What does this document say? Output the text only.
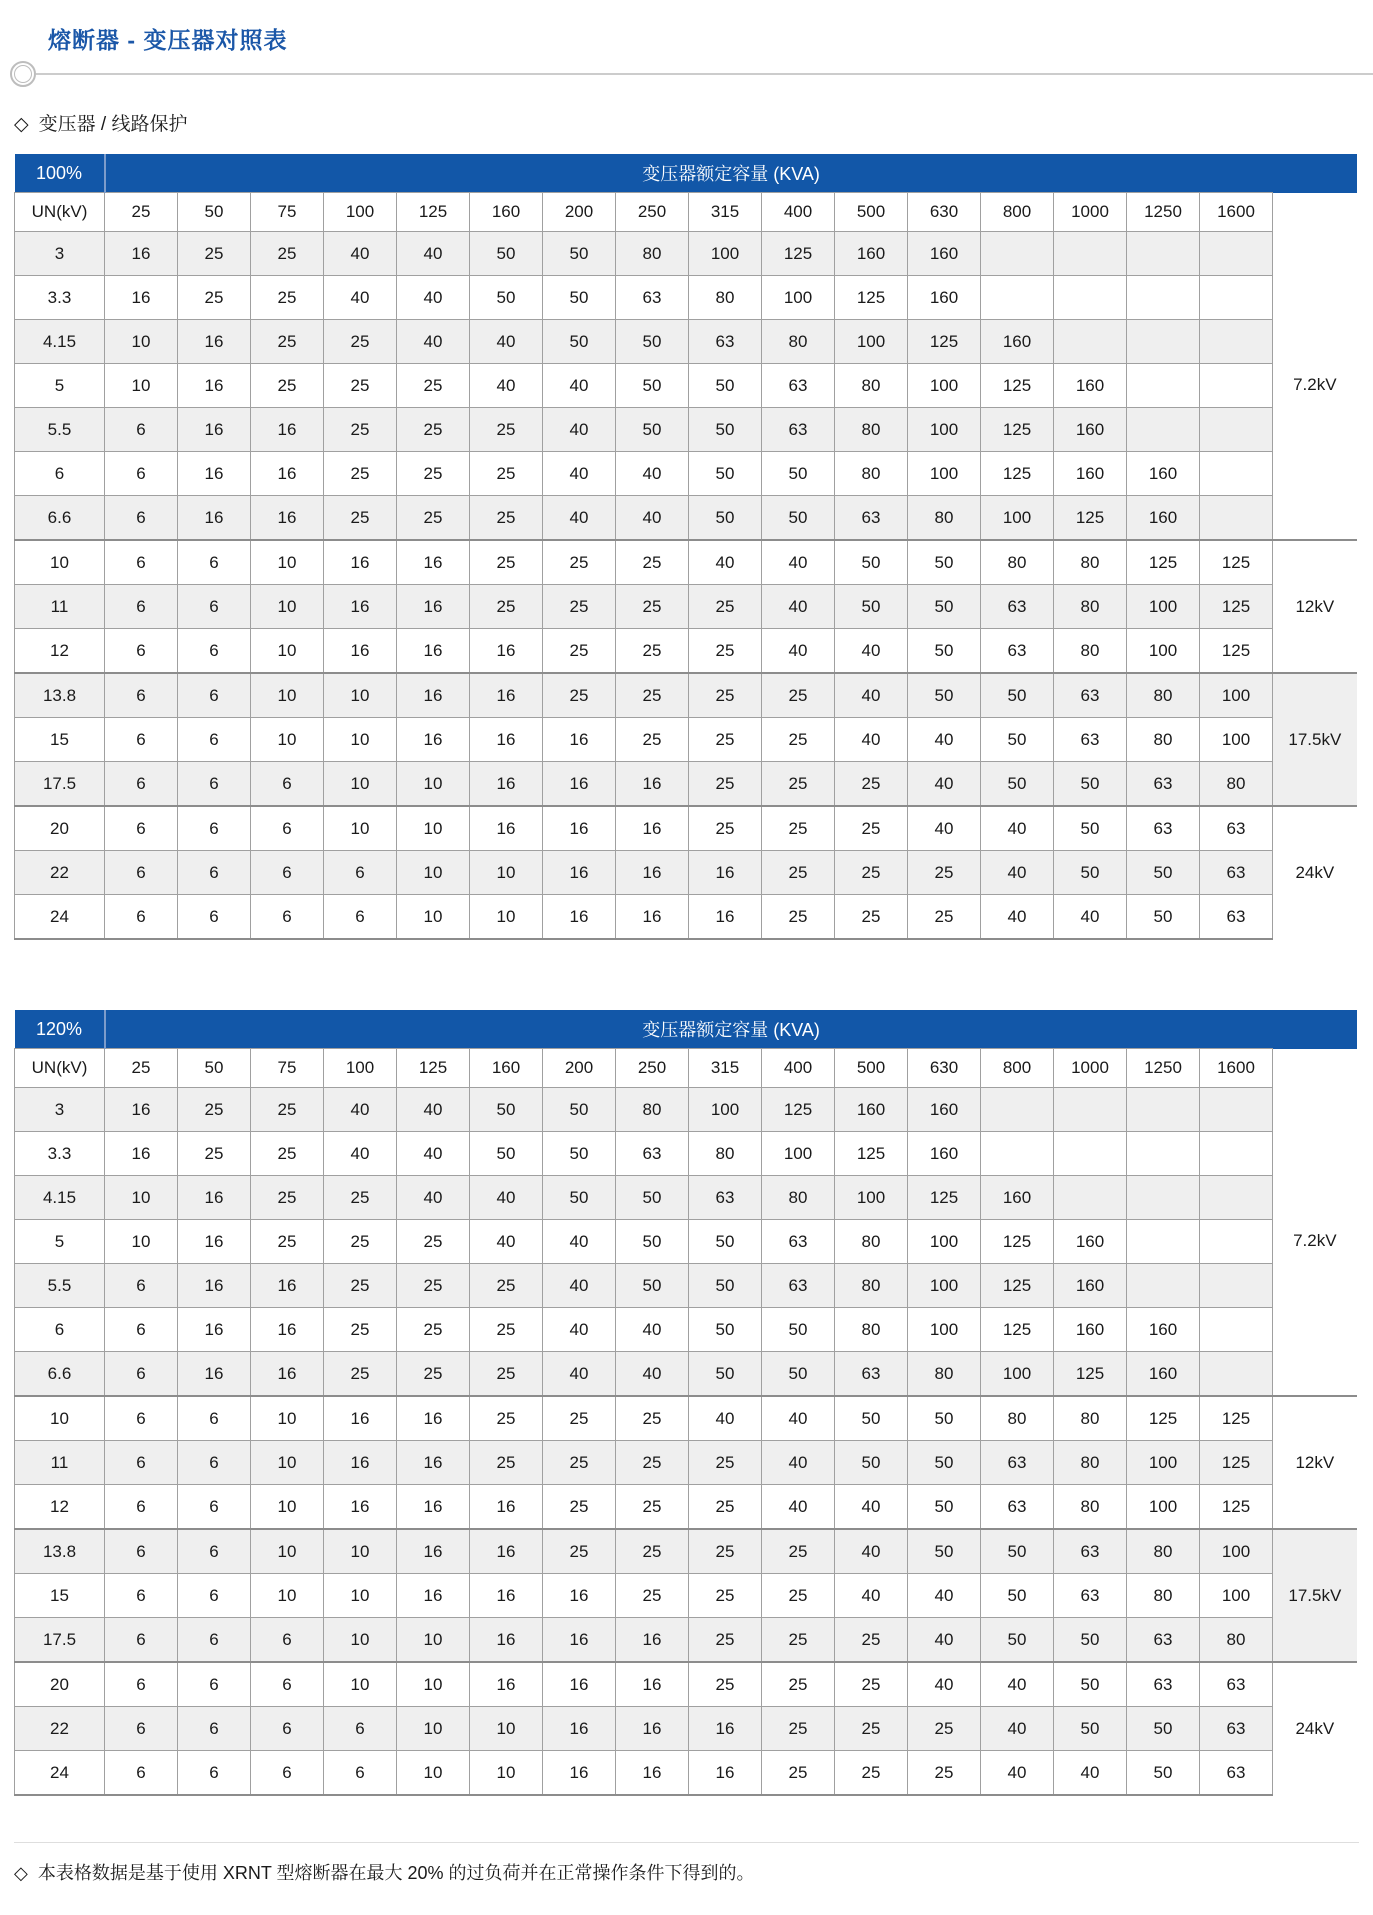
熔断器 - 变压器对照表
◇ 变压器 / 线路保护
100%	变压器额定容量 (KVA)																
UN(kV)	25	50	75	100	125	160	200	250	315	400	500	630	800	1000	1250	1600	
3	16	25	25	40	40	50	50	80	100	125	160	160					7.2kV
3.3	16	25	25	40	40	50	50	63	80	100	125	160					
4.15	10	16	25	25	40	40	50	50	63	80	100	125	160				
5	10	16	25	25	25	40	40	50	50	63	80	100	125	160			
5.5	6	16	16	25	25	25	40	50	50	63	80	100	125	160			
6	6	16	16	25	25	25	40	40	50	50	80	100	125	160	160		
6.6	6	16	16	25	25	25	40	40	50	50	63	80	100	125	160		
10	6	6	10	16	16	25	25	25	40	40	50	50	80	80	125	125	12kV
11	6	6	10	16	16	25	25	25	25	40	50	50	63	80	100	125	
12	6	6	10	16	16	16	25	25	25	40	40	50	63	80	100	125	
13.8	6	6	10	10	16	16	25	25	25	25	40	50	50	63	80	100	17.5kV
15	6	6	10	10	16	16	16	25	25	25	40	40	50	63	80	100	
17.5	6	6	6	10	10	16	16	16	25	25	25	40	50	50	63	80	
20	6	6	6	10	10	16	16	16	25	25	25	40	40	50	63	63	24kV
22	6	6	6	6	10	10	16	16	16	25	25	25	40	50	50	63	
24	6	6	6	6	10	10	16	16	16	25	25	25	40	40	50	63	
120%	变压器额定容量 (KVA)																
UN(kV)	25	50	75	100	125	160	200	250	315	400	500	630	800	1000	1250	1600	
3	16	25	25	40	40	50	50	80	100	125	160	160					7.2kV
3.3	16	25	25	40	40	50	50	63	80	100	125	160					
4.15	10	16	25	25	40	40	50	50	63	80	100	125	160				
5	10	16	25	25	25	40	40	50	50	63	80	100	125	160			
5.5	6	16	16	25	25	25	40	50	50	63	80	100	125	160			
6	6	16	16	25	25	25	40	40	50	50	80	100	125	160	160		
6.6	6	16	16	25	25	25	40	40	50	50	63	80	100	125	160		
10	6	6	10	16	16	25	25	25	40	40	50	50	80	80	125	125	12kV
11	6	6	10	16	16	25	25	25	25	40	50	50	63	80	100	125	
12	6	6	10	16	16	16	25	25	25	40	40	50	63	80	100	125	
13.8	6	6	10	10	16	16	25	25	25	25	40	50	50	63	80	100	17.5kV
15	6	6	10	10	16	16	16	25	25	25	40	40	50	63	80	100	
17.5	6	6	6	10	10	16	16	16	25	25	25	40	50	50	63	80	
20	6	6	6	10	10	16	16	16	25	25	25	40	40	50	63	63	24kV
22	6	6	6	6	10	10	16	16	16	25	25	25	40	50	50	63	
24	6	6	6	6	10	10	16	16	16	25	25	25	40	40	50	63	
◇ 本表格数据是基于使用 XRNT 型熔断器在最大 20% 的过负荷并在正常操作条件下得到的。
